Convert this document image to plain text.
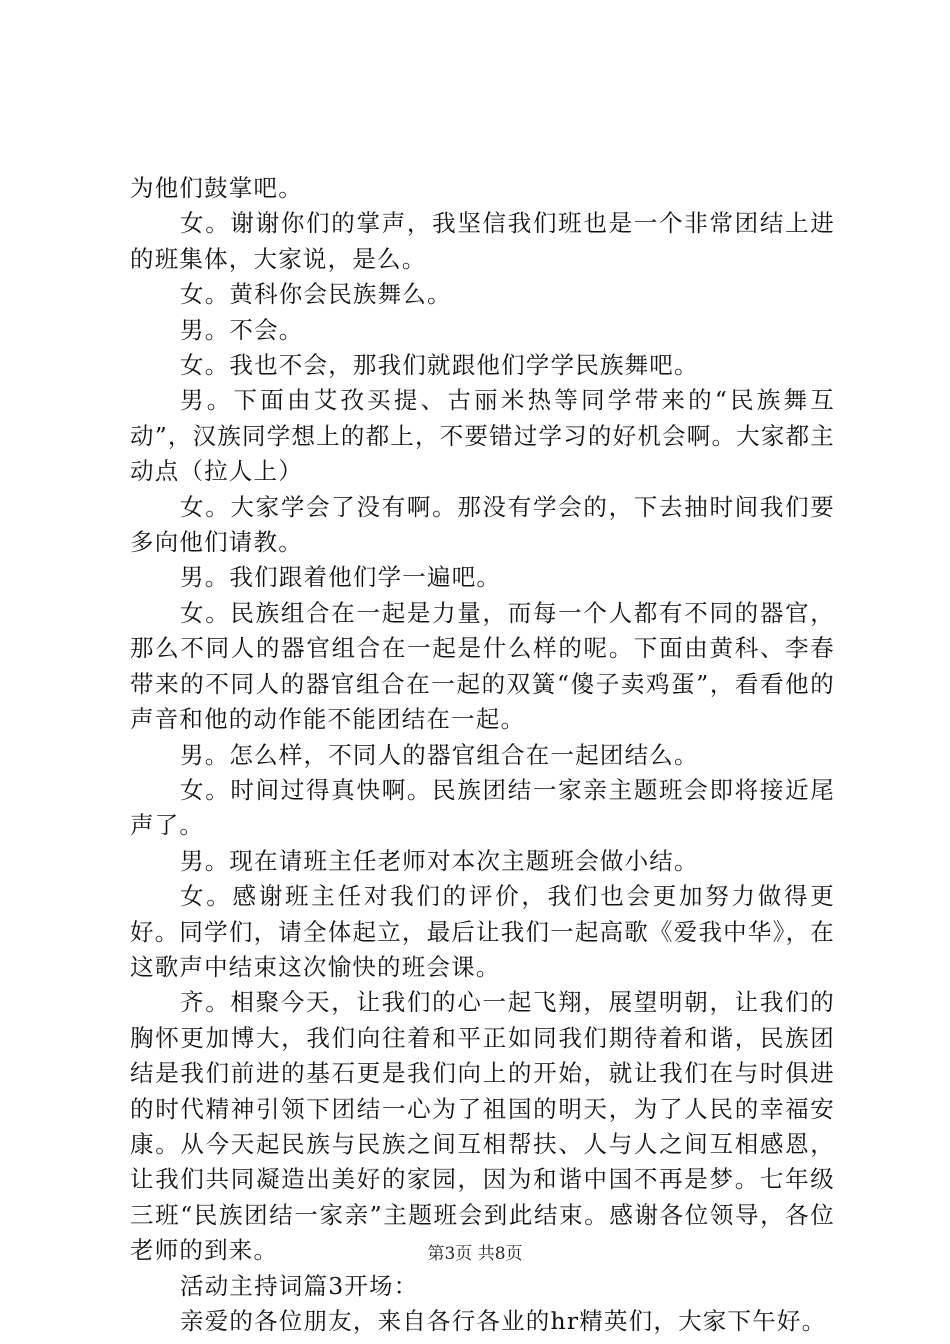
为他们鼓掌吧。

女。谢谢你们的掌声，我坚信我们班也是一个非常团结上进的班集体，大家说，是么。

女。黄科你会民族舞么。

男。不会。

女。我也不会，那我们就跟他们学学民族舞吧。

男。下面由艾孜买提、古丽米热等同学带来的“民族舞互动”，汉族同学想上的都上，不要错过学习的好机会啊。大家都主动点（拉人上）

女。大家学会了没有啊。那没有学会的，下去抽时间我们要多向他们请教。

男。我们跟着他们学一遍吧。

女。民族组合在一起是力量，而每一个人都有不同的器官，那么不同人的器官组合在一起是什么样的呢。下面由黄科、李春带来的不同人的器官组合在一起的双簧“傻子卖鸡蛋”，看看他的声音和他的动作能不能团结在一起。

男。怎么样，不同人的器官组合在一起团结么。

女。时间过得真快啊。民族团结一家亲主题班会即将接近尾声了。

男。现在请班主任老师对本次主题班会做小结。

女。感谢班主任对我们的评价，我们也会更加努力做得更好。同学们，请全体起立，最后让我们一起高歌《爱我中华》，在这歌声中结束这次愉快的班会课。

齐。相聚今天，让我们的心一起飞翔，展望明朝，让我们的胸怀更加博大，我们向往着和平正如同我们期待着和谐，民族团结是我们前进的基石更是我们向上的开始，就让我们在与时俱进的时代精神引领下团结一心为了祖国的明天，为了人民的幸福安康。从今天起民族与民族之间互相帮扶、人与人之间互相感恩，让我们共同凝造出美好的家园，因为和谐中国不再是梦。七年级三班“民族团结一家亲”主题班会到此结束。感谢各位领导，各位老师的到来。

活动主持词篇3开场：

亲爱的各位朋友，来自各行各业的hr精英们，大家下午好。

第3页 共8页
